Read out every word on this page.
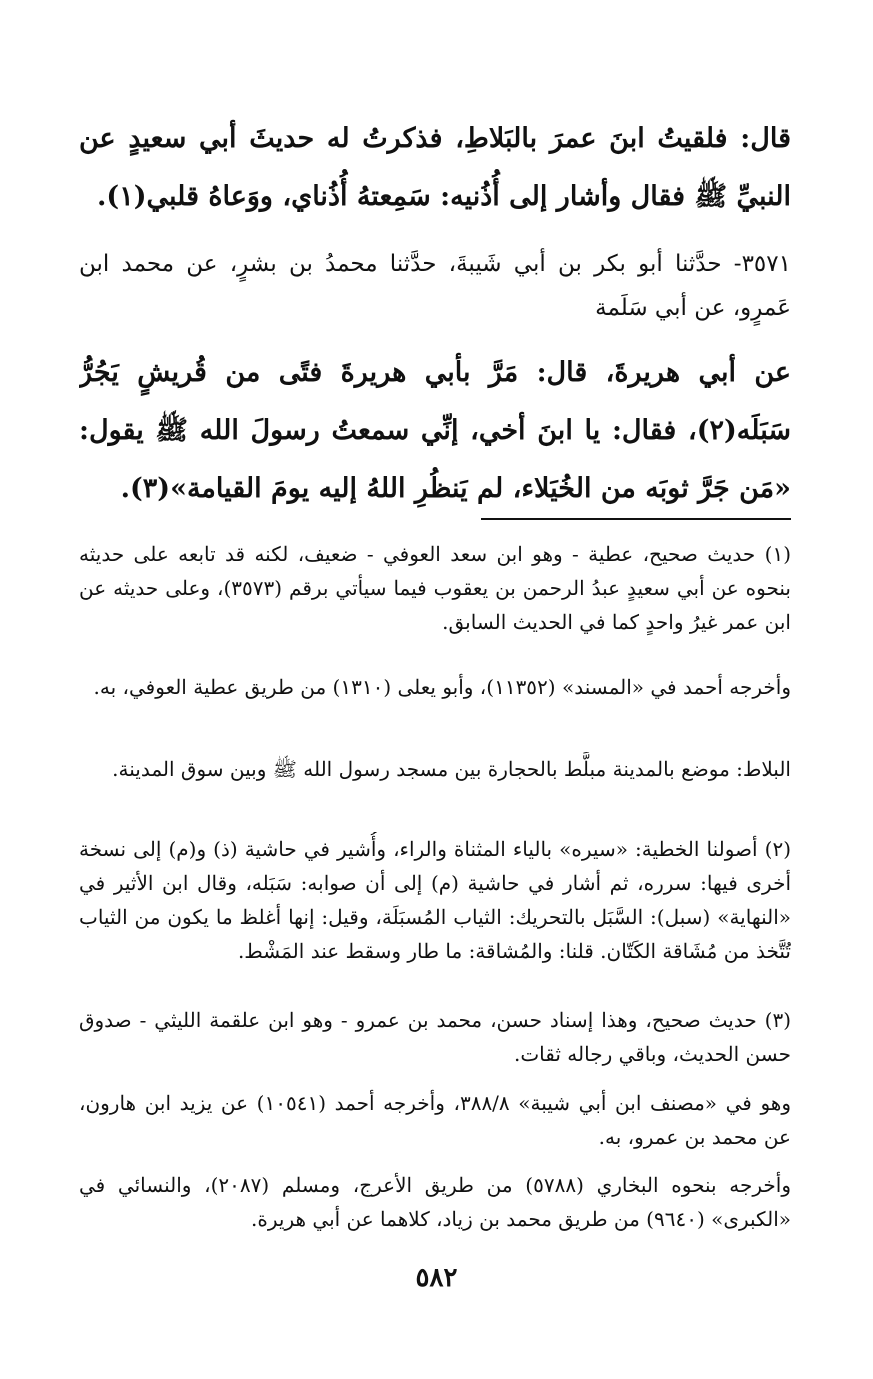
قال: فلقيتُ ابنَ عمرَ بالبَلاطِ، فذكرتُ له حديثَ أبي سعيدٍ عن النبيِّ ﷺ فقال وأشار إلى أُذُنيه: سَمِعتهُ أُذُناي، ووَعاهُ قلبي(١).
٣٥٧١- حدَّثنا أبو بكر بن أبي شَيبةَ، حدَّثنا محمدُ بن بشرٍ، عن محمد ابن عَمرٍو، عن أبي سَلَمة
عن أبي هريرةَ، قال: مَرَّ بأبي هريرةَ فتًى من قُريشٍ يَجُرُّ سَبَلَه(٢)، فقال: يا ابنَ أخي، إنِّي سمعتُ رسولَ الله ﷺ يقول: «مَن جَرَّ ثوبَه من الخُيَلاء، لم يَنظُرِ اللهُ إليه يومَ القيامة»(٣).
(١) حديث صحيح، عطية - وهو ابن سعد العوفي - ضعيف، لكنه قد تابعه على حديثه بنحوه عن أبي سعيدٍ عبدُ الرحمن بن يعقوب فيما سيأتي برقم (٣٥٧٣)، وعلى حديثه عن ابن عمر غيرُ واحدٍ كما في الحديث السابق.
وأخرجه أحمد في «المسند» (١١٣٥٢)، وأبو يعلى (١٣١٠) من طريق عطية العوفي، به.
البلاط: موضع بالمدينة مبلَّط بالحجارة بين مسجد رسول الله ﷺ وبين سوق المدينة.
(٢) أصولنا الخطية: «سيره» بالياء المثناة والراء، وأُشير في حاشية (ذ) و(م) إلى نسخة أخرى فيها: سرره، ثم أشار في حاشية (م) إلى أن صوابه: سَبَله، وقال ابن الأثير في «النهاية» (سبل): السَّبَل بالتحريك: الثياب المُسبَلَة، وقيل: إنها أغلظ ما يكون من الثياب تُتَّخذ من مُشَاقة الكَتّان. قلنا: والمُشاقة: ما طار وسقط عند المَشْط.
(٣) حديث صحيح، وهذا إسناد حسن، محمد بن عمرو - وهو ابن علقمة الليثي - صدوق حسن الحديث، وباقي رجاله ثقات.
وهو في «مصنف ابن أبي شيبة» ٣٨٨/٨، وأخرجه أحمد (١٠٥٤١) عن يزيد ابن هارون، عن محمد بن عمرو، به.
وأخرجه بنحوه البخاري (٥٧٨٨) من طريق الأعرج، ومسلم (٢٠٨٧)، والنسائي في «الكبرى» (٩٦٤٠) من طريق محمد بن زياد، كلاهما عن أبي هريرة.
٥٨٢
